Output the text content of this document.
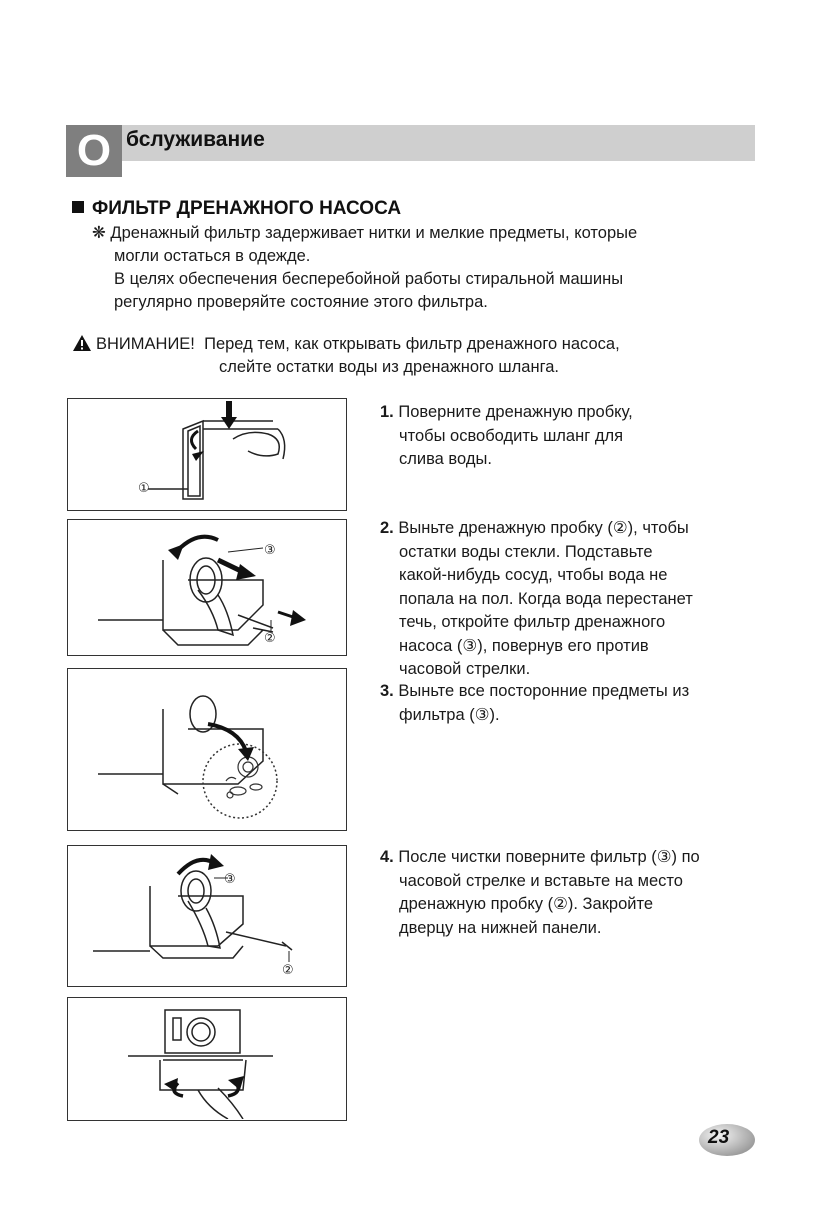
О бслуживание
ФИЛЬТР ДРЕНАЖНОГО НАСОСА

❋ Дренажный фильтр задерживает нитки и мелкие предметы, которые

могли остаться в одежде.

В целях обеспечения бесперебойной работы стиральной машины

регулярно проверяйте состояние этого фильтра.

ВНИМАНИЕ! Перед тем, как открывать фильтр дренажного насоса,
слейте остатки воды из дренажного шланга.
①
③
②
③
②

1. Поверните дренажную пробку,

чтобы освободить шланг для

слива воды.

2. Выньте дренажную пробку (②), чтобы

остатки воды стекли. Подставьте

какой-нибудь сосуд, чтобы вода не

попала на пол. Когда вода перестанет

течь, откройте фильтр дренажного

насоса (③), повернув его против

часовой стрелки.

3. Выньте все посторонние предметы из

фильтра (③).

4. После чистки поверните фильтр (③) по

часовой стрелке и вставьте на место

дренажную пробку (②). Закройте

дверцу на нижней панели.

23
